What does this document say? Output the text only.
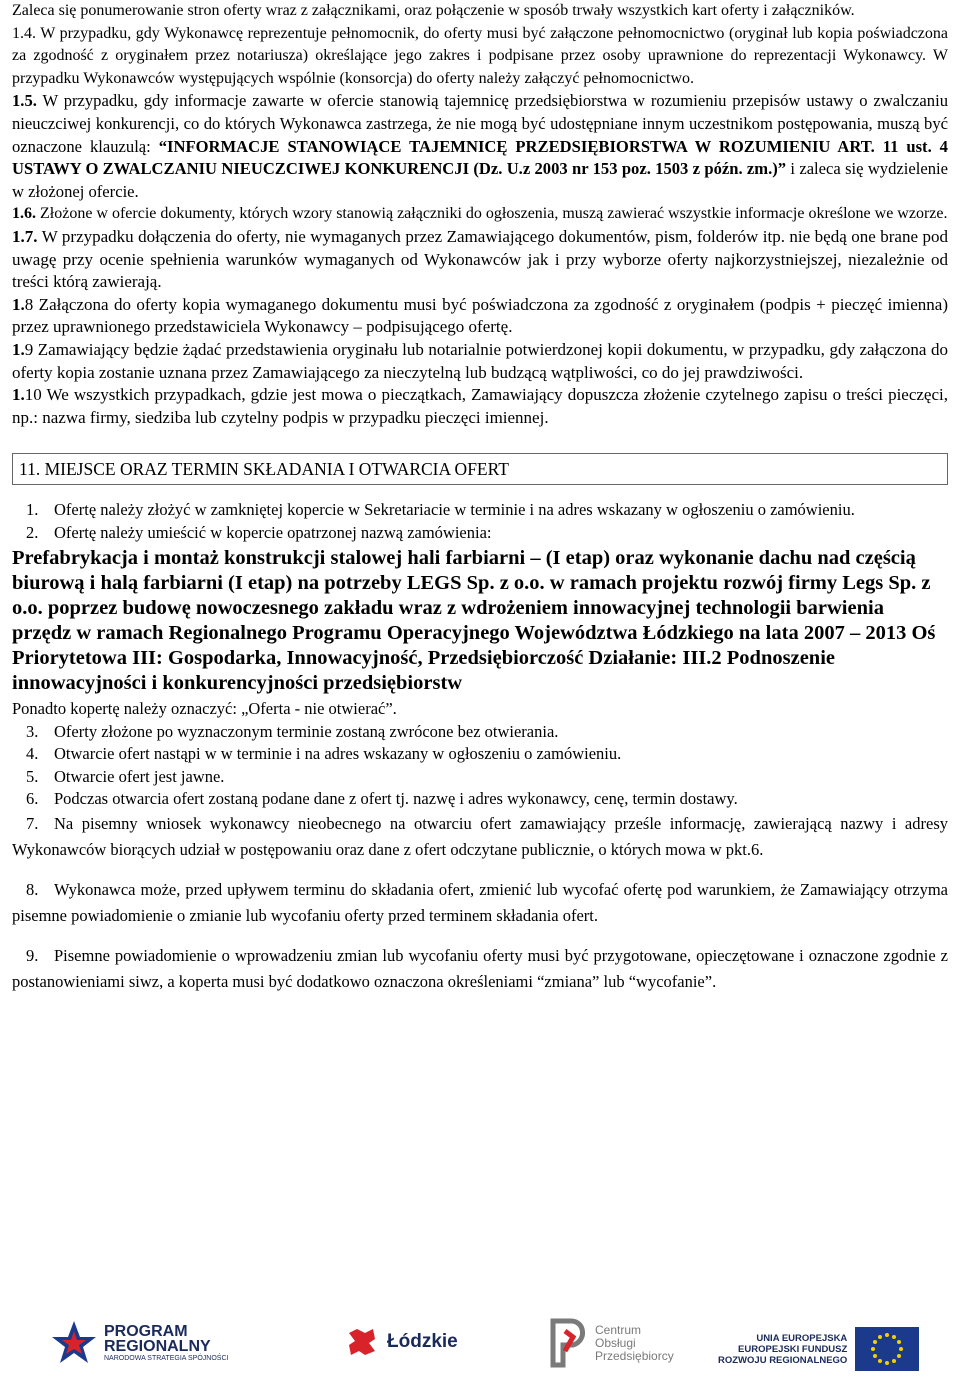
Zaleca się ponumerowanie stron oferty wraz z załącznikami, oraz połączenie w sposób trwały wszystkich kart oferty i załączników.

1.4. W przypadku, gdy Wykonawcę reprezentuje pełnomocnik, do oferty musi być załączone pełnomocnictwo (oryginał lub kopia poświadczona za zgodność z oryginałem przez notariusza) określające jego zakres i podpisane przez osoby uprawnione do reprezentacji Wykonawcy. W przypadku Wykonawców występujących wspólnie (konsorcja) do oferty należy załączyć pełnomocnictwo.

1.5. W przypadku, gdy informacje zawarte w ofercie stanowią tajemnicę przedsiębiorstwa w rozumieniu przepisów ustawy o zwalczaniu nieuczciwej konkurencji, co do których Wykonawca zastrzega, że nie mogą być udostępniane innym uczestnikom postępowania, muszą być oznaczone klauzulą: “INFORMACJE STANOWIĄCE TAJEMNICĘ PRZEDSIĘBIORSTWA W ROZUMIENIU ART. 11 ust. 4 USTAWY O ZWALCZANIU NIEUCZCIWEJ KONKURENCJI (Dz. U.z 2003 nr 153 poz. 1503 z późn. zm.)” i zaleca się wydzielenie w złożonej ofercie.

1.6. Złożone w ofercie dokumenty, których wzory stanowią załączniki do ogłoszenia, muszą zawierać wszystkie informacje określone we wzorze.

1.7. W przypadku dołączenia do oferty, nie wymaganych przez Zamawiającego dokumentów, pism, folderów itp. nie będą one brane pod uwagę przy ocenie spełnienia warunków wymaganych od Wykonawców jak i przy wyborze oferty najkorzystniejszej, niezależnie od treści którą zawierają.

1.8 Załączona do oferty kopia wymaganego dokumentu musi być poświadczona za zgodność z oryginałem (podpis + pieczęć imienna) przez uprawnionego przedstawiciela Wykonawcy – podpisującego ofertę.

1.9 Zamawiający będzie żądać przedstawienia oryginału lub notarialnie potwierdzonej kopii dokumentu, w przypadku, gdy załączona do oferty kopia zostanie uznana przez Zamawiającego za nieczytelną lub budzącą wątpliwości, co do jej prawdziwości.

1.10 We wszystkich przypadkach, gdzie jest mowa o pieczątkach, Zamawiający dopuszcza złożenie czytelnego zapisu o treści pieczęci, np.: nazwa firmy, siedziba lub czytelny podpis w przypadku pieczęci imiennej.

11. MIEJSCE ORAZ TERMIN SKŁADANIA I OTWARCIA OFERT

1. Ofertę należy złożyć w zamkniętej kopercie w Sekretariacie w terminie i na adres wskazany w ogłoszeniu o zamówieniu.

2. Ofertę należy umieścić w kopercie opatrzonej nazwą zamówienia:

Prefabrykacja i montaż konstrukcji stalowej hali farbiarni – (I etap) oraz wykonanie dachu nad częścią biurową i halą farbiarni (I etap) na potrzeby LEGS Sp. z o.o. w ramach projektu rozwój firmy Legs Sp. z o.o. poprzez budowę nowoczesnego zakładu wraz z wdrożeniem innowacyjnej technologii barwienia przędz w ramach Regionalnego Programu Operacyjnego Województwa Łódzkiego na lata 2007 – 2013 Oś Priorytetowa III: Gospodarka, Innowacyjność, Przedsiębiorczość Działanie: III.2 Podnoszenie innowacyjności i konkurencyjności przedsiębiorstw

Ponadto kopertę należy oznaczyć: „Oferta - nie otwierać”.

3. Oferty złożone po wyznaczonym terminie zostaną zwrócone bez otwierania.

4. Otwarcie ofert nastąpi w w terminie i na adres wskazany w ogłoszeniu o zamówieniu.

5. Otwarcie ofert jest jawne.

6. Podczas otwarcia ofert zostaną podane dane z ofert tj. nazwę i adres wykonawcy, cenę, termin dostawy.

7. Na pisemny wniosek wykonawcy nieobecnego na otwarciu ofert zamawiający prześle informację, zawierającą nazwy i adresy Wykonawców biorących udział w postępowaniu oraz dane z ofert odczytane publicznie, o których mowa w pkt.6.

8. Wykonawca może, przed upływem terminu do składania ofert, zmienić lub wycofać ofertę pod warunkiem, że Zamawiający otrzyma pisemne powiadomienie o zmianie lub wycofaniu oferty przed terminem składania ofert.

9. Pisemne powiadomienie o wprowadzeniu zmian lub wycofaniu oferty musi być przygotowane, opieczętowane i oznaczone zgodnie z postanowieniami siwz, a koperta musi być dodatkowo oznaczona określeniami “zmiana” lub “wycofanie”.

PROGRAM
REGIONALNY
NARODOWA STRATEGIA SPÓJNOŚCI
Łódzkie
Centrum
Obsługi
Przedsiębiorcy
UNIA EUROPEJSKA
EUROPEJSKI FUNDUSZ
ROZWOJU REGIONALNEGO
